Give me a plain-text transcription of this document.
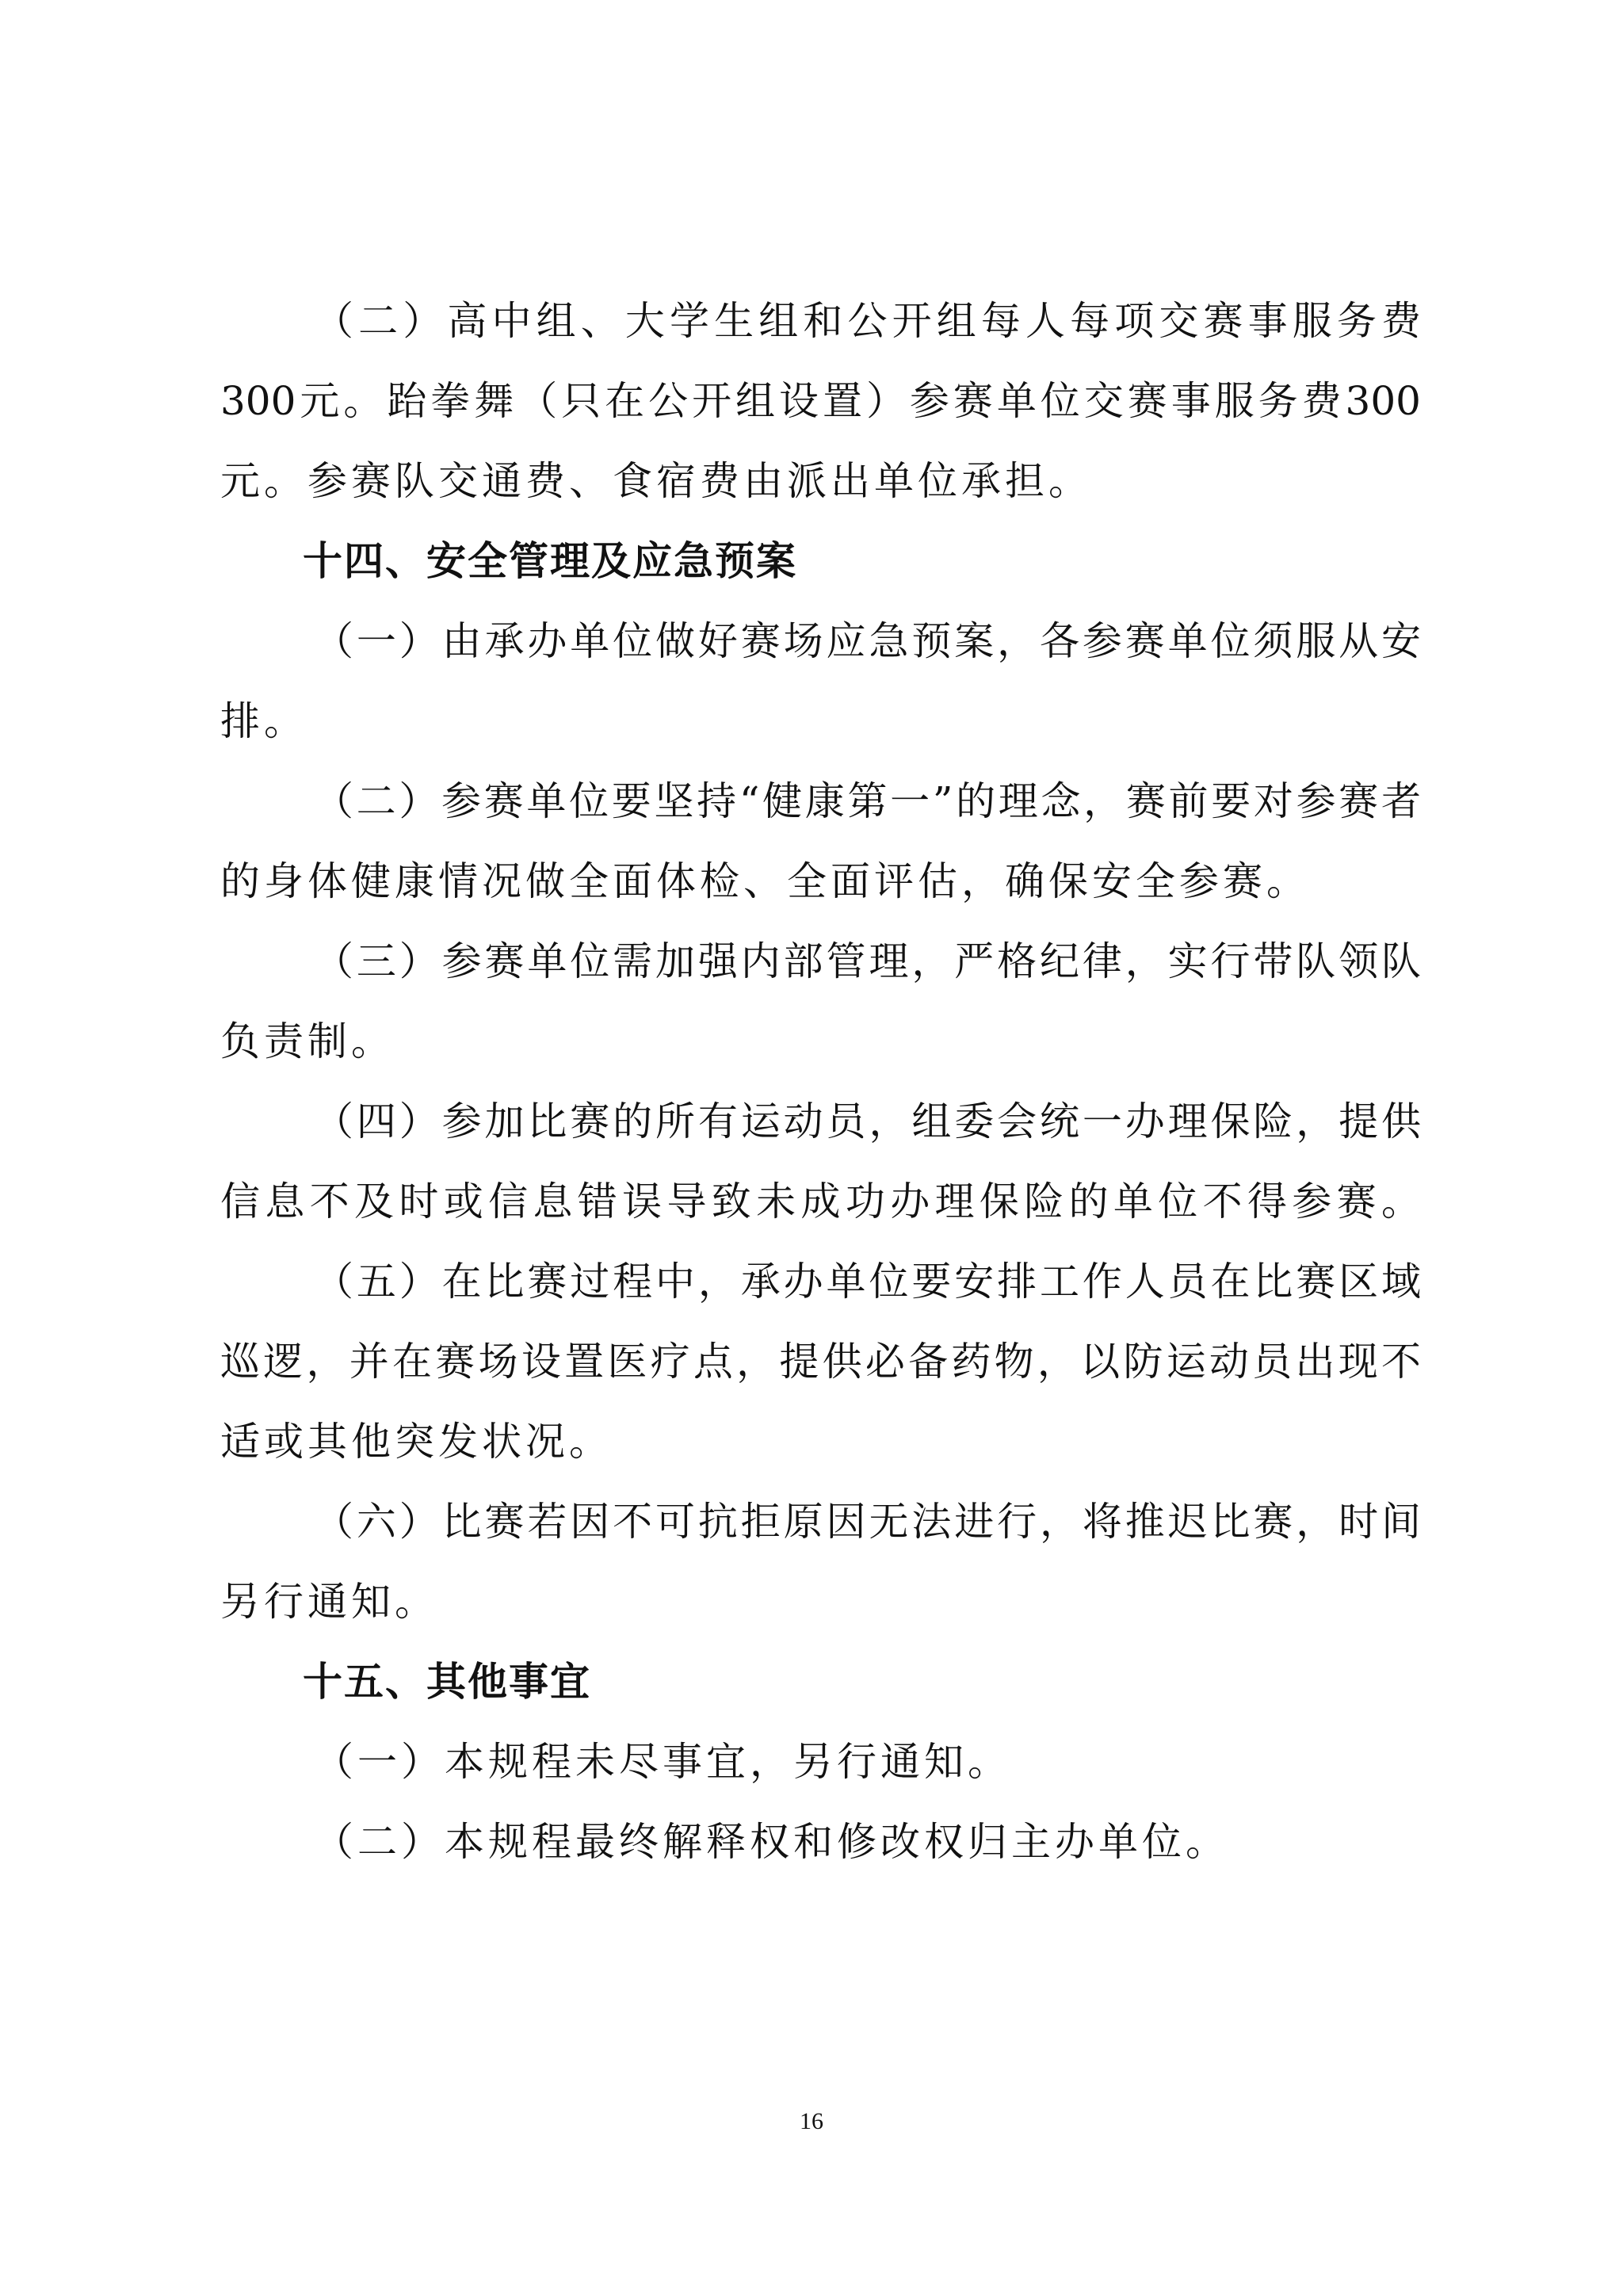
（二）高中组、大学生组和公开组每人每项交赛事服务费
300元。跆拳舞（只在公开组设置）参赛单位交赛事服务费300
元。参赛队交通费、食宿费由派出单位承担。
十四、安全管理及应急预案
（一）由承办单位做好赛场应急预案，各参赛单位须服从安
排。
（二）参赛单位要坚持“健康第一”的理念，赛前要对参赛者
的身体健康情况做全面体检、全面评估，确保安全参赛。
（三）参赛单位需加强内部管理，严格纪律，实行带队领队
负责制。
（四）参加比赛的所有运动员，组委会统一办理保险，提供
信息不及时或信息错误导致未成功办理保险的单位不得参赛。
（五）在比赛过程中，承办单位要安排工作人员在比赛区域
巡逻，并在赛场设置医疗点，提供必备药物，以防运动员出现不
适或其他突发状况。
（六）比赛若因不可抗拒原因无法进行，将推迟比赛，时间
另行通知。
十五、其他事宜
（一）本规程未尽事宜，另行通知。
（二）本规程最终解释权和修改权归主办单位。
16
